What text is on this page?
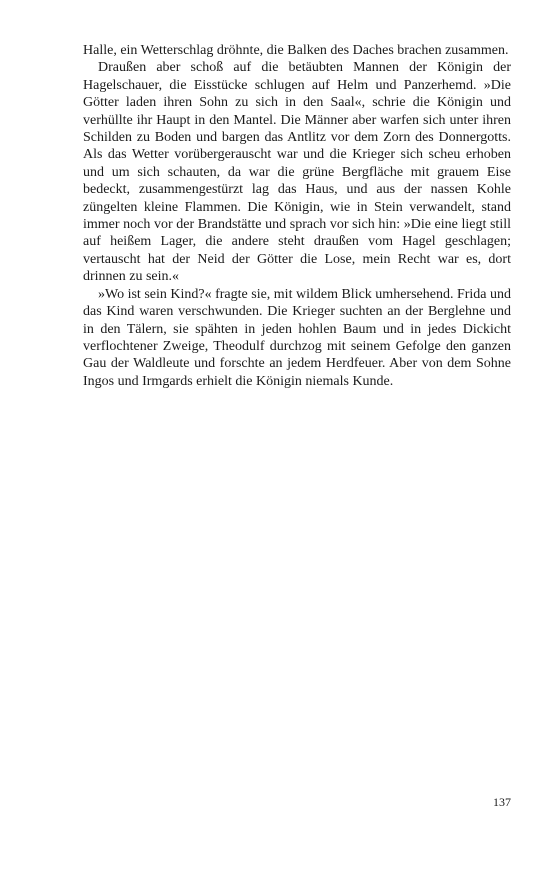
Halle, ein Wetterschlag dröhnte, die Balken des Daches brachen zusammen.

Draußen aber schoß auf die betäubten Mannen der Königin der Hagelschauer, die Eisstücke schlugen auf Helm und Panzerhemd. »Die Götter laden ihren Sohn zu sich in den Saal«, schrie die Königin und verhüllte ihr Haupt in den Mantel. Die Männer aber warfen sich unter ihren Schilden zu Boden und bargen das Antlitz vor dem Zorn des Donnergotts. Als das Wetter vorübergerauscht war und die Krieger sich scheu erhoben und um sich schauten, da war die grüne Bergfläche mit grauem Eise bedeckt, zusammengestürzt lag das Haus, und aus der nassen Kohle züngelten kleine Flammen. Die Königin, wie in Stein verwandelt, stand immer noch vor der Brandstätte und sprach vor sich hin: »Die eine liegt still auf heißem Lager, die andere steht draußen vom Hagel geschlagen; vertauscht hat der Neid der Götter die Lose, mein Recht war es, dort drinnen zu sein.«

»Wo ist sein Kind?« fragte sie, mit wildem Blick umhersehend. Frida und das Kind waren verschwunden. Die Krieger suchten an der Berglehne und in den Tälern, sie spähten in jeden hohlen Baum und in jedes Dickicht verflochtener Zweige, Theodulf durchzog mit seinem Gefolge den ganzen Gau der Waldleute und forschte an jedem Herdfeuer. Aber von dem Sohne Ingos und Irmgards erhielt die Königin niemals Kunde.

137
